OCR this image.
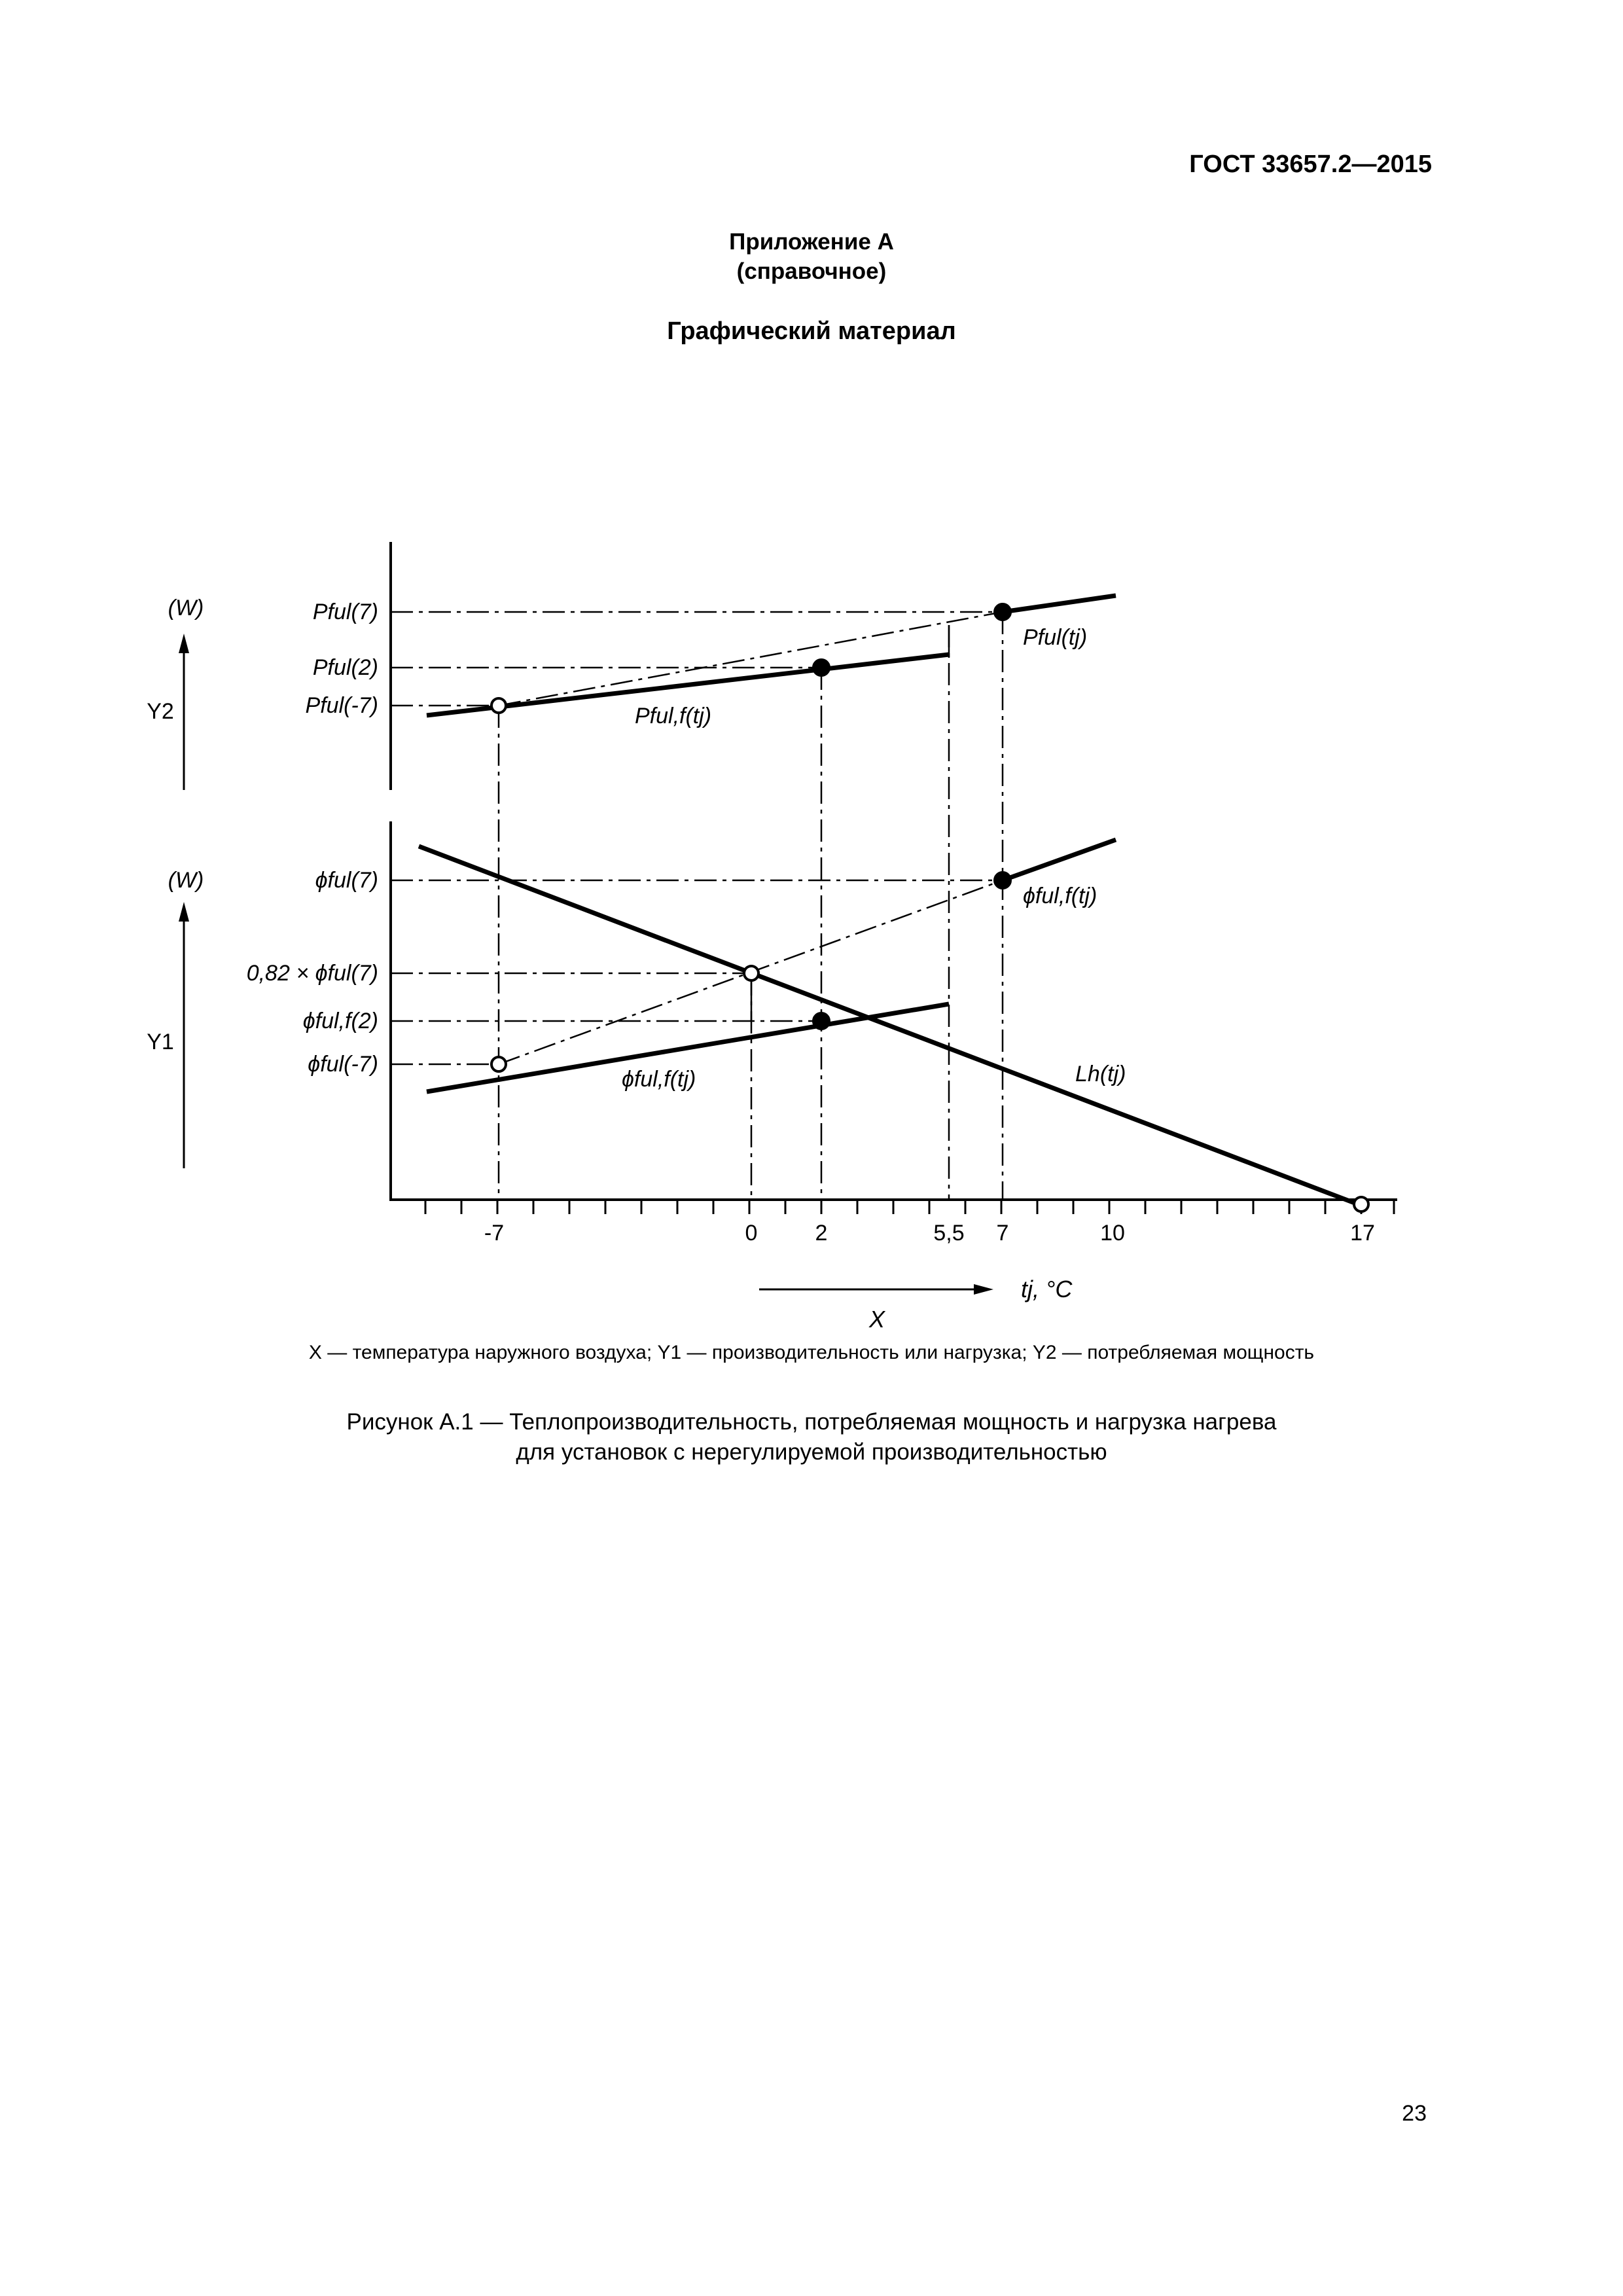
ГОСТ 33657.2—2015
Приложение А
(справочное)
Графический материал
(W)
Y2
(W)
Y1
Pful(7)
Pful(2)
Pful(-7)
ϕful(7)
0,82 × ϕful(7)
ϕful,f(2)
ϕful(-7)
-7	0	2	5,5 7	10	17
tj, °C
X
Pful(tj)
Pful,f(tj)
ϕful,f(tj)
ϕful,f(tj)	Lh(tj)
X — температура наружного воздуха; Y1 — производительность или нагрузка; Y2 — потребляемая мощность
Рисунок А.1 — Теплопроизводительность, потребляемая мощность и нагрузка нагрева
для установок с нерегулируемой производительностью
23
